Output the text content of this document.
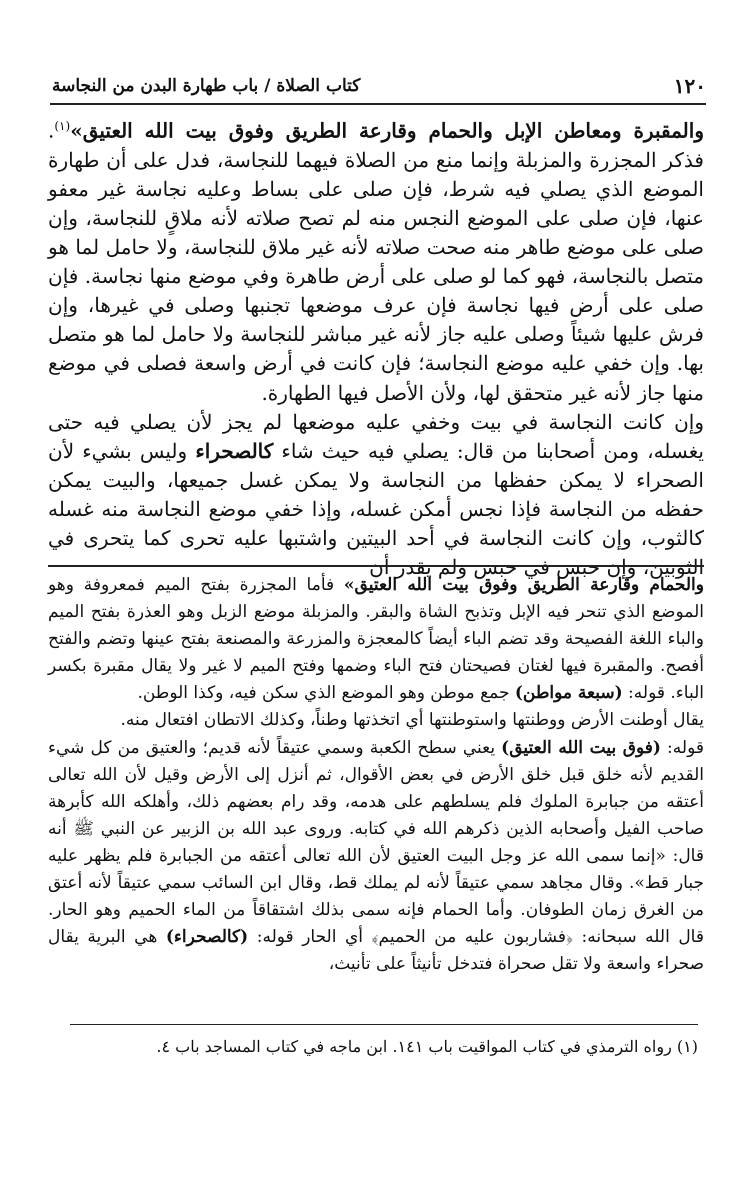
١٢٠
كتاب الصلاة / باب طهارة البدن من النجاسة

والمقبرة ومعاطن الإبل والحمام وقارعة الطريق وفوق بيت الله العتيق»$^{(١)}$. فذكر المجزرة والمزبلة وإنما منع من الصلاة فيهما للنجاسة، فدل على أن طهارة الموضع الذي يصلي فيه شرط، فإن صلى على بساط وعليه نجاسة غير معفو عنها، فإن صلى على الموضع النجس منه لم تصح صلاته لأنه ملاقٍ للنجاسة، وإن صلى على موضع طاهر منه صحت صلاته لأنه غير ملاق للنجاسة، ولا حامل لما هو متصل بالنجاسة، فهو كما لو صلى على أرض طاهرة وفي موضع منها نجاسة. فإن صلى على أرض فيها نجاسة فإن عرف موضعها تجنبها وصلى في غيرها، وإن فرش عليها شيئاً وصلى عليه جاز لأنه غير مباشر للنجاسة ولا حامل لما هو متصل بها. وإن خفي عليه موضع النجاسة؛ فإن كانت في أرض واسعة فصلى في موضع منها جاز لأنه غير متحقق لها، ولأن الأصل فيها الطهارة.

وإن كانت النجاسة في بيت وخفي عليه موضعها لم يجز لأن يصلي فيه حتى يغسله، ومن أصحابنا من قال: يصلي فيه حيث شاء كالصحراء وليس بشيء لأن الصحراء لا يمكن حفظها من النجاسة ولا يمكن غسل جميعها، والبيت يمكن حفظه من النجاسة فإذا نجس أمكن غسله، وإذا خفي موضع النجاسة منه غسله كالثوب، وإن كانت النجاسة في أحد البيتين واشتبها عليه تحرى كما يتحرى في الثوبين، وإن حبس في حبس ولم يقدر أن

والحمام وقارعة الطريق وفوق بيت الله العتيق» فأما المجزرة بفتح الميم فمعروفة وهو الموضع الذي تنحر فيه الإبل وتذبح الشاة والبقر. والمزبلة موضع الزبل وهو العذرة بفتح الميم والباء اللغة الفصيحة وقد تضم الباء أيضاً كالمعجزة والمزرعة والمصنعة بفتح عينها وتضم والفتح أفصح. والمقبرة فيها لغتان فصيحتان فتح الباء وضمها وفتح الميم لا غير ولا يقال مقبرة بكسر الباء. قوله: (سبعة مواطن) جمع موطن وهو الموضع الذي سكن فيه، وكذا الوطن.

يقال أوطنت الأرض ووطنتها واستوطنتها أي اتخذتها وطناً، وكذلك الاتطان افتعال منه.

قوله: (فوق بيت الله العتيق) يعني سطح الكعبة وسمي عتيقاً لأنه قديم؛ والعتيق من كل شيء القديم لأنه خلق قبل خلق الأرض في بعض الأقوال، ثم أنزل إلى الأرض وقيل لأن الله تعالى أعتقه من جبابرة الملوك فلم يسلطهم على هدمه، وقد رام بعضهم ذلك، وأهلكه الله كأبرهة صاحب الفيل وأصحابه الذين ذكرهم الله في كتابه. وروى عبد الله بن الزبير عن النبي ﷺ أنه قال: «إنما سمى الله عز وجل البيت العتيق لأن الله تعالى أعتقه من الجبابرة فلم يظهر عليه جبار قط». وقال مجاهد سمي عتيقاً لأنه لم يملك قط، وقال ابن السائب سمي عتيقاً لأنه أعتق من الغرق زمان الطوفان. وأما الحمام فإنه سمى بذلك اشتقاقاً من الماء الحميم وهو الحار. قال الله سبحانه: ﴿فشاربون عليه من الحميم﴾ أي الحار قوله: (كالصحراء) هي البرية يقال صحراء واسعة ولا تقل صحراة فتدخل تأنيثاً على تأنيث،

(١) رواه الترمذي في كتاب المواقيت باب ١٤١. ابن ماجه في كتاب المساجد باب ٤.
